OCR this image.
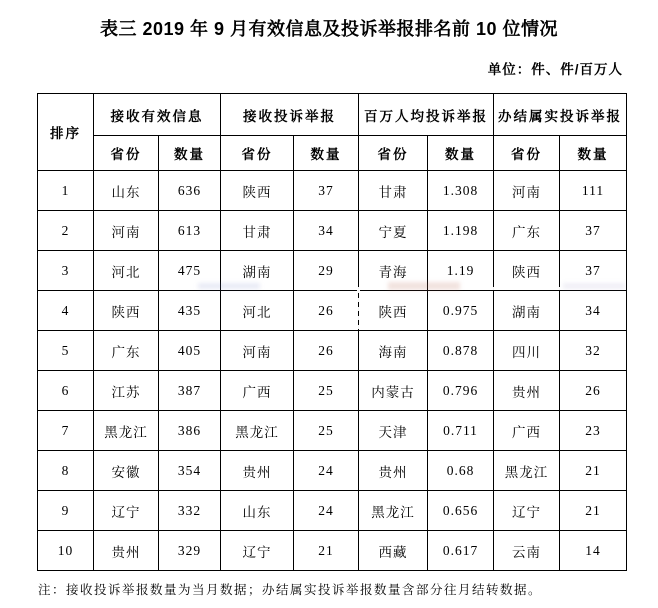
表三 2019 年 9 月有效信息及投诉举报排名前 10 位情况
单位：件、件/百万人
排序	接收有效信息		接收投诉举报		百万人均投诉举报		办结属实投诉举报	
	省份	数量	省份	数量	省份	数量	省份	数量
1	山东	636	陕西	37	甘肃	1.308	河南	111
2	河南	613	甘肃	34	宁夏	1.198	广东	37
3	河北	475	湖南	29	青海	1.19	陕西	37
4	陕西	435	河北	26	陕西	0.975	湖南	34
5	广东	405	河南	26	海南	0.878	四川	32
6	江苏	387	广西	25	内蒙古	0.796	贵州	26
7	黑龙江	386	黑龙江	25	天津	0.711	广西	23
8	安徽	354	贵州	24	贵州	0.68	黑龙江	21
9	辽宁	332	山东	24	黑龙江	0.656	辽宁	21
10	贵州	329	辽宁	21	西藏	0.617	云南	14
注：接收投诉举报数量为当月数据；办结属实投诉举报数量含部分往月结转数据。
